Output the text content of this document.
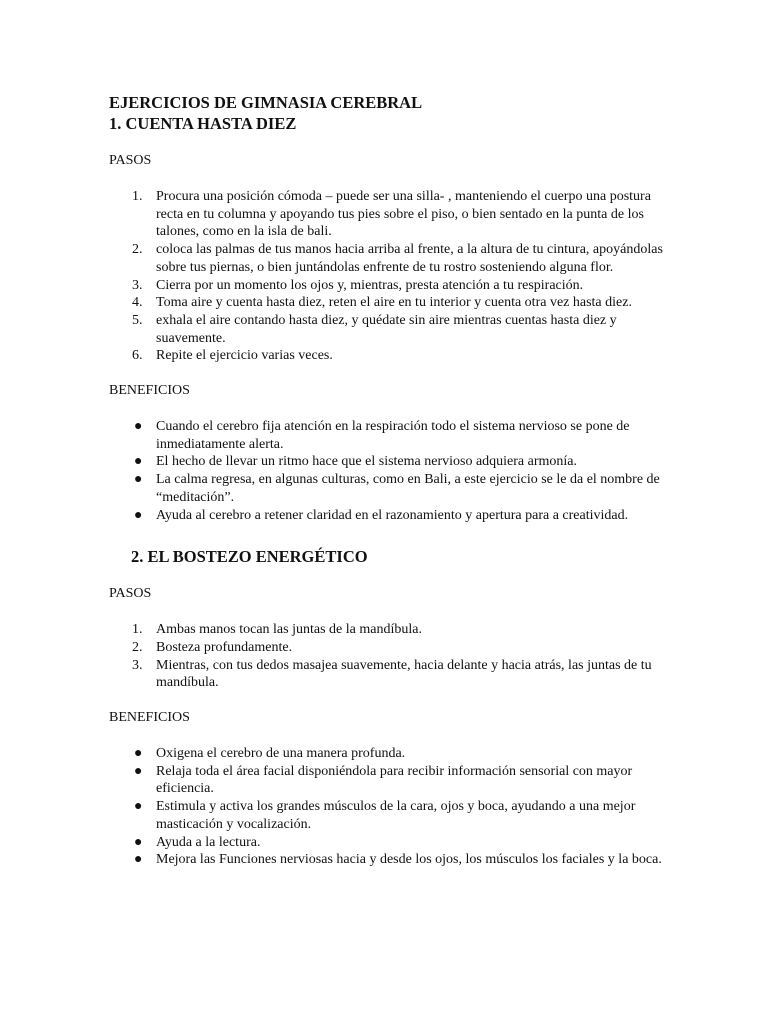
EJERCICIOS DE GIMNASIA CEREBRAL
1. CUENTA HASTA DIEZ

PASOS

1. Procura una posición cómoda – puede ser una silla- , manteniendo el cuerpo una postura recta en tu columna y apoyando tus pies sobre el piso, o bien sentado en la punta de los talones, como en la isla de bali.
2. coloca las palmas de tus manos hacia arriba al frente, a la altura de tu cintura, apoyándolas sobre tus piernas, o bien juntándolas enfrente de tu rostro sosteniendo alguna flor.
3. Cierra por un momento los ojos y, mientras, presta atención a tu respiración.
4. Toma aire y cuenta hasta diez, reten el aire en tu interior y cuenta otra vez hasta diez.
5. exhala el aire contando hasta diez, y quédate sin aire mientras cuentas hasta diez y suavemente.
6. Repite el ejercicio varias veces.

BENEFICIOS

● Cuando el cerebro fija atención en la respiración todo el sistema nervioso se pone de inmediatamente alerta.
● El hecho de llevar un ritmo hace que el sistema nervioso adquiera armonía.
● La calma regresa, en algunas culturas, como en Bali, a este ejercicio se le da el nombre de “meditación”.
● Ayuda al cerebro a retener claridad en el razonamiento y apertura para a creatividad.
2. EL BOSTEZO ENERGÉTICO

PASOS

1. Ambas manos tocan las juntas de la mandíbula.
2. Bosteza profundamente.
3. Mientras, con tus dedos masajea suavemente, hacia delante y hacia atrás, las juntas de tu mandíbula.

BENEFICIOS

● Oxigena el cerebro de una manera profunda.
● Relaja toda el área facial disponiéndola para recibir información sensorial con mayor eficiencia.
● Estimula y activa los grandes músculos de la cara, ojos y boca, ayudando a una mejor masticación y vocalización.
● Ayuda a la lectura.
● Mejora las Funciones nerviosas hacia y desde los ojos, los músculos los faciales y la boca.
